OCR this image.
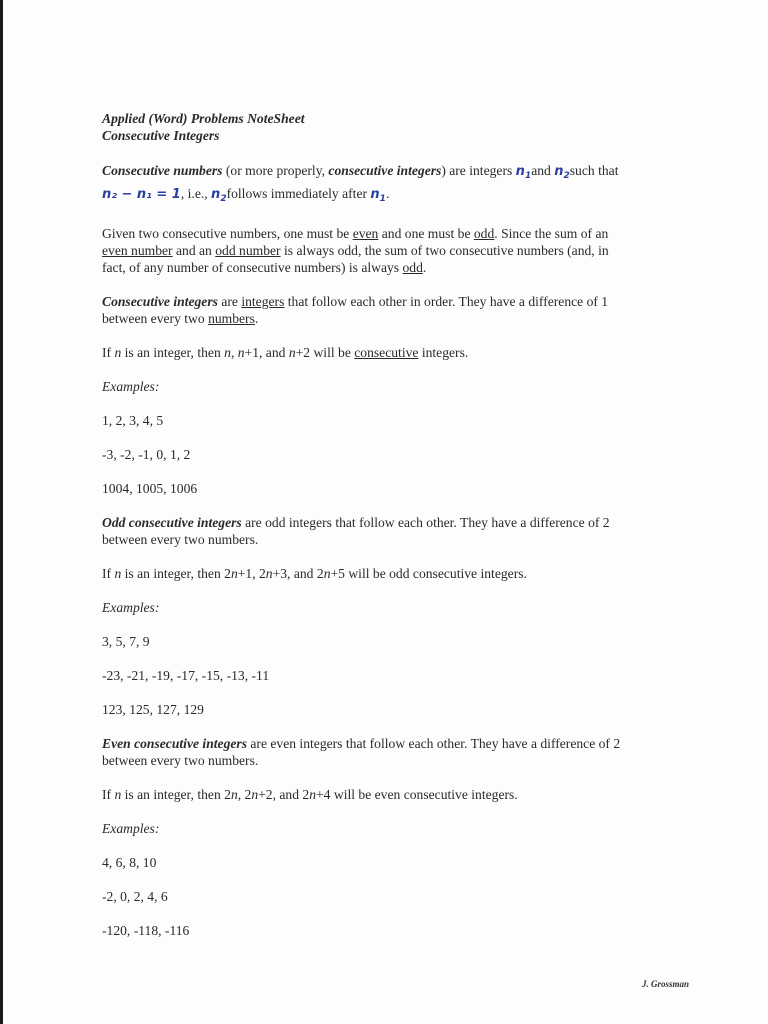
Applied (Word) Problems NoteSheet

Consecutive Integers

Consecutive numbers (or more properly, consecutive integers) are integers $n_1and$ $n_2such$ that
n₂ − n₁ = 1, i.e., $n_2follows$ immediately after $n_1$.

Given two consecutive numbers, one must be even and one must be odd. Since the sum of an
even number and an odd number is always odd, the sum of two consecutive numbers (and, in
fact, of any number of consecutive numbers) is always odd.

Consecutive integers are integers that follow each other in order. They have a difference of 1
between every two numbers.

If n is an integer, then n, n+1, and n+2 will be consecutive integers.

Examples:

1, 2, 3, 4, 5

-3, -2, -1, 0, 1, 2

1004, 1005, 1006

Odd consecutive integers are odd integers that follow each other. They have a difference of 2
between every two numbers.

If n is an integer, then 2n+1, 2n+3, and 2n+5 will be odd consecutive integers.

Examples:

3, 5, 7, 9

-23, -21, -19, -17, -15, -13, -11

123, 125, 127, 129

Even consecutive integers are even integers that follow each other. They have a difference of 2
between every two numbers.

If n is an integer, then 2n, 2n+2, and 2n+4 will be even consecutive integers.

Examples:

4, 6, 8, 10

-2, 0, 2, 4, 6

-120, -118, -116

J. Grossman
